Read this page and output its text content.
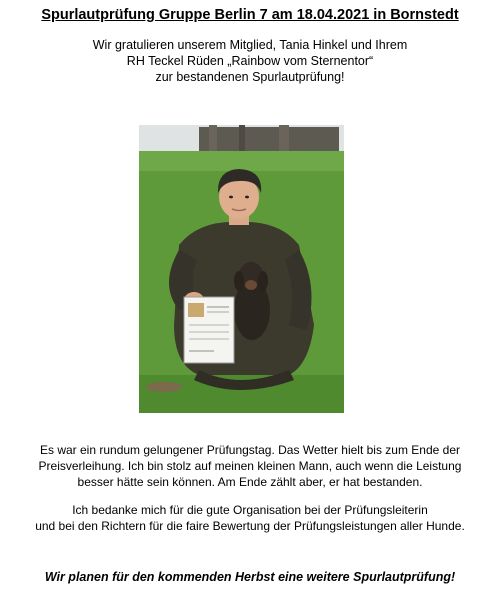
Spurlautprüfung Gruppe Berlin 7 am 18.04.2021 in Bornstedt
Wir gratulieren unserem Mitglied, Tania Hinkel und Ihrem
RH Teckel Rüden „Rainbow vom Sternentor“
zur bestandenen Spurlautprüfung!
Es war ein rundum gelungener Prüfungstag. Das Wetter hielt bis zum Ende der
Preisverleihung. Ich bin stolz auf meinen kleinen Mann, auch wenn die Leistung
besser hätte sein können. Am Ende zählt aber, er hat bestanden.
Ich bedanke mich für die gute Organisation bei der Prüfungsleiterin
und bei den Richtern für die faire Bewertung der Prüfungsleistungen aller Hunde.
Wir planen für den kommenden Herbst eine weitere Spurlautprüfung!
